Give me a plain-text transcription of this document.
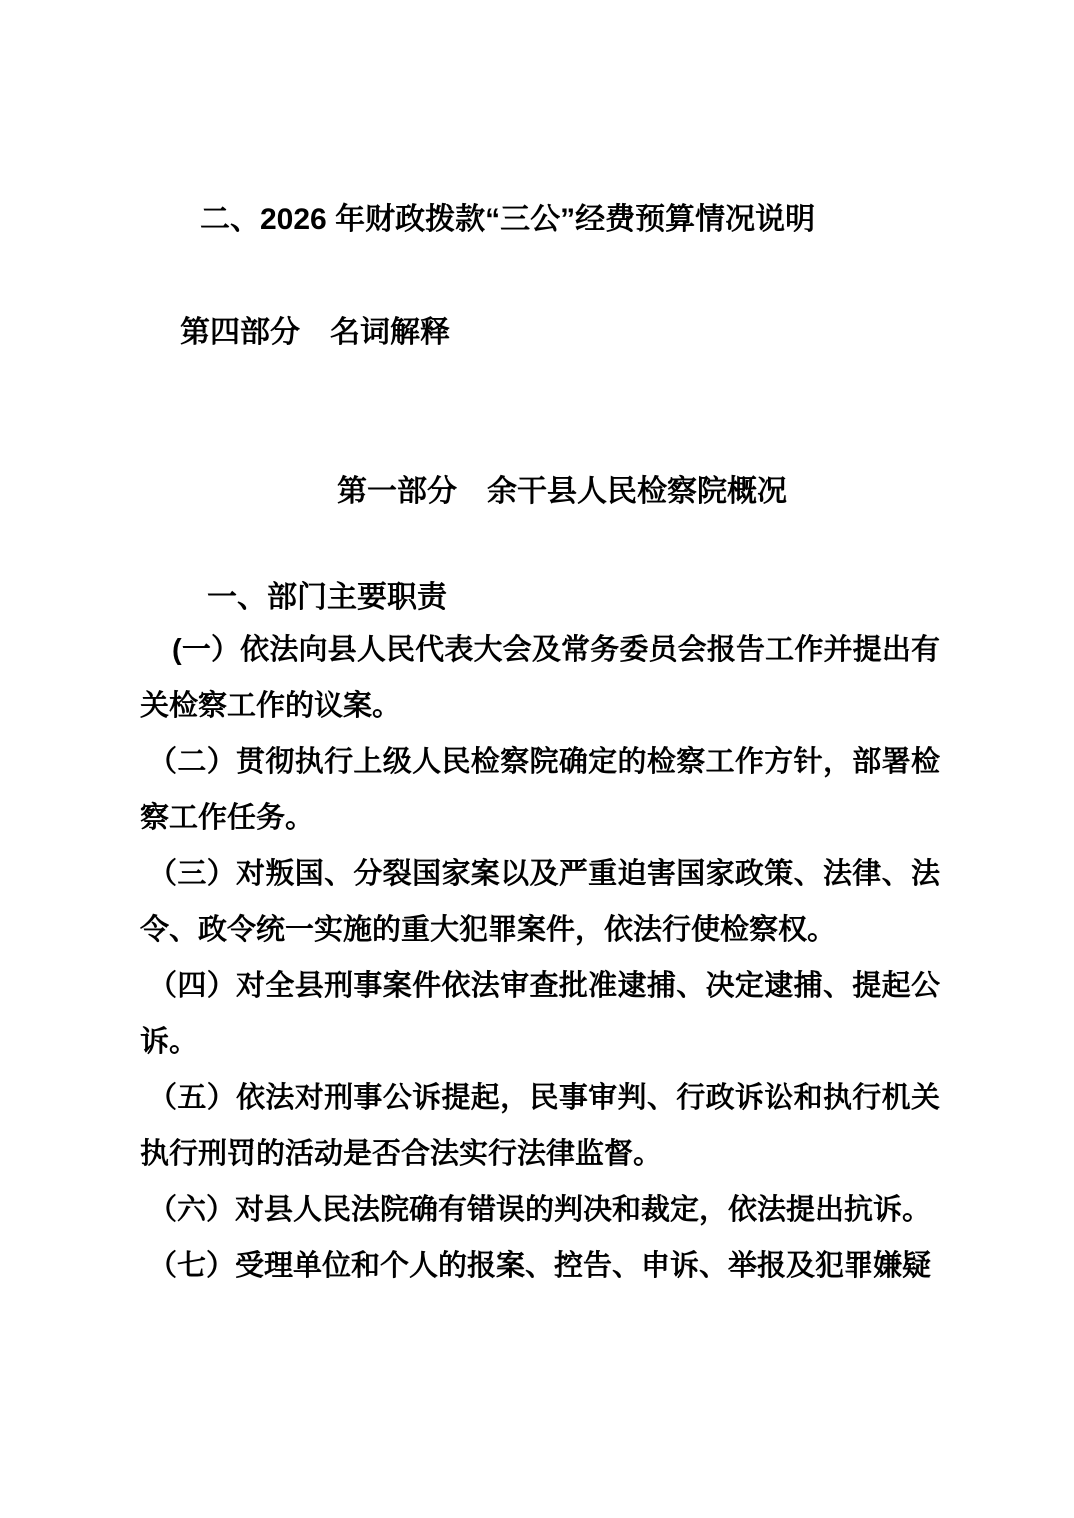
二、2026 年财政拨款“三公”经费预算情况说明
第四部分　名词解释
第一部分　余干县人民检察院概况
一、部门主要职责

(一）依法向县人民代表大会及常务委员会报告工作并提出有关检察工作的议案。

（二）贯彻执行上级人民检察院确定的检察工作方针，部署检察工作任务。

（三）对叛国、分裂国家案以及严重迫害国家政策、法律、法令、政令统一实施的重大犯罪案件，依法行使检察权。

（四）对全县刑事案件依法审查批准逮捕、决定逮捕、提起公诉。

（五）依法对刑事公诉提起，民事审判、行政诉讼和执行机关执行刑罚的活动是否合法实行法律监督。

（六）对县人民法院确有错误的判决和裁定，依法提出抗诉。

（七）受理单位和个人的报案、控告、申诉、举报及犯罪嫌疑
